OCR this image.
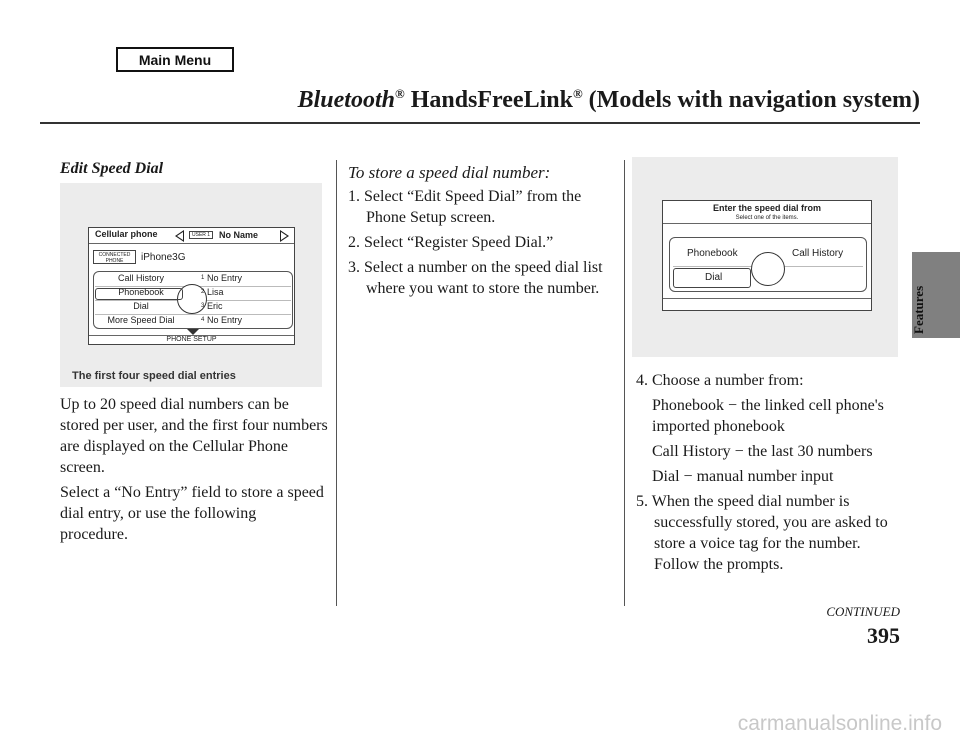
Main Menu
Bluetooth® HandsFreeLink® (Models with navigation system)
Features
Edit Speed Dial
Cellular phone	USER 1 No Name
CONNECTED
PHONE	iPhone3G
Call History	1 No Entry
Phonebook	2 Lisa
Dial	3 Eric
More Speed Dial	4 No Entry
PHONE SETUP
The first four speed dial entries

Up to 20 speed dial numbers can be stored per user, and the first four numbers are displayed on the Cellular Phone screen.

Select a “No Entry” field to store a speed dial entry, or use the following procedure.

To store a speed dial number:

1. Select “Edit Speed Dial” from the Phone Setup screen.

2. Select “Register Speed Dial.”

3. Select a number on the speed dial list where you want to store the number.

Enter the speed dial from
Select one of the items.
Phonebook	Call History
Dial

4. Choose a number from:

Phonebook − the linked cell phone's imported phonebook

Call History − the last 30 numbers

Dial − manual number input

5. When the speed dial number is successfully stored, you are asked to store a voice tag for the number. Follow the prompts.

CONTINUED
395
carmanualsonline.info
